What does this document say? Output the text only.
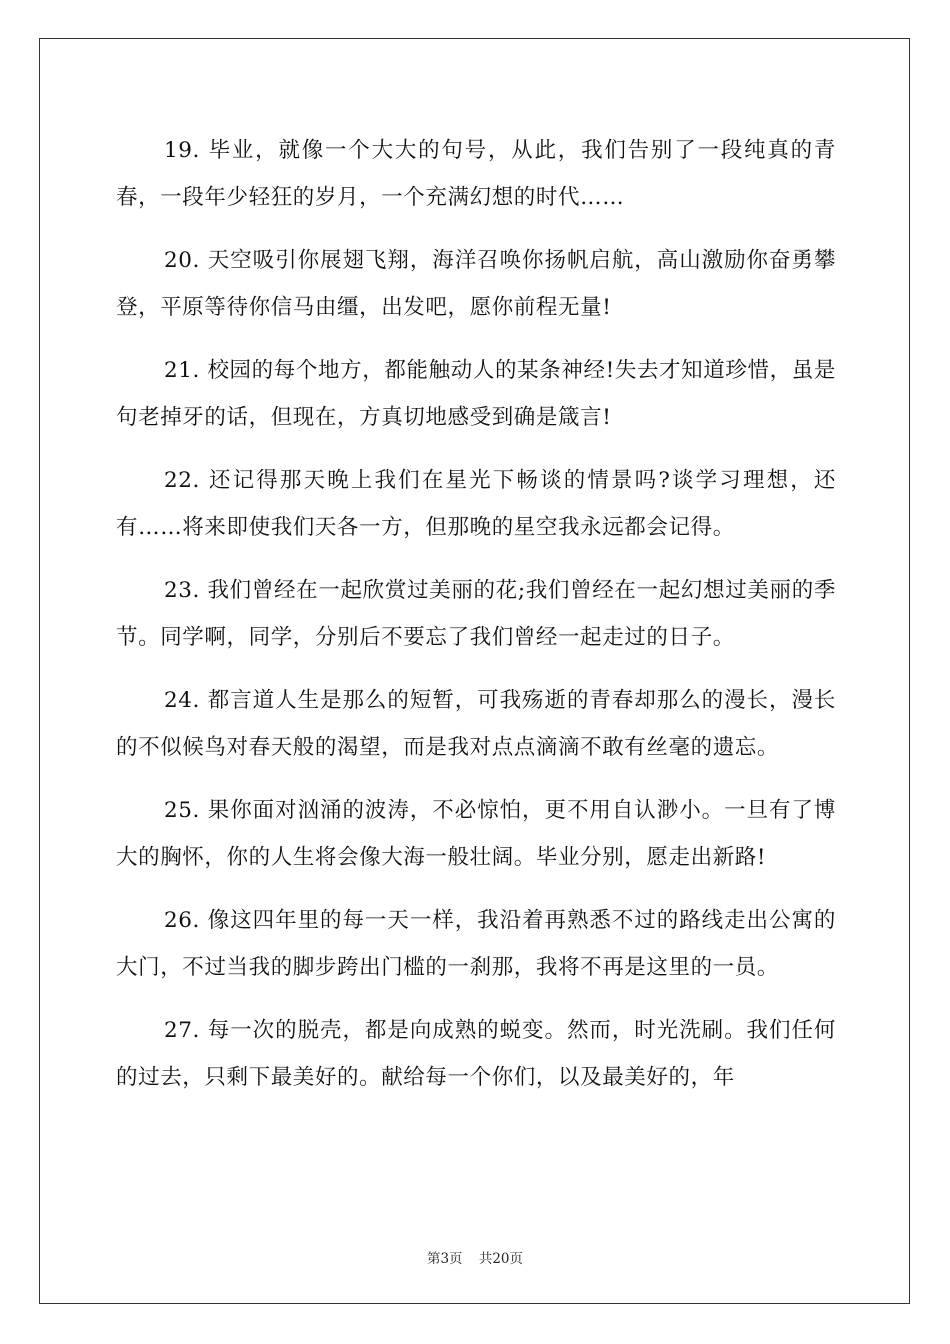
19. 毕业，就像一个大大的句号，从此，我们告别了一段纯真的青春，一段年少轻狂的岁月，一个充满幻想的时代……

20. 天空吸引你展翅飞翔，海洋召唤你扬帆启航，高山激励你奋勇攀登，平原等待你信马由缰，出发吧，愿你前程无量!

21. 校园的每个地方，都能触动人的某条神经!失去才知道珍惜，虽是句老掉牙的话，但现在，方真切地感受到确是箴言!

22. 还记得那天晚上我们在星光下畅谈的情景吗?谈学习理想，还有……将来即使我们天各一方，但那晚的星空我永远都会记得。

23. 我们曾经在一起欣赏过美丽的花;我们曾经在一起幻想过美丽的季节。同学啊，同学，分别后不要忘了我们曾经一起走过的日子。

24. 都言道人生是那么的短暂，可我殇逝的青春却那么的漫长，漫长的不似候鸟对春天般的渴望，而是我对点点滴滴不敢有丝毫的遗忘。

25. 果你面对汹涌的波涛，不必惊怕，更不用自认渺小。一旦有了博大的胸怀，你的人生将会像大海一般壮阔。毕业分别，愿走出新路!

26. 像这四年里的每一天一样，我沿着再熟悉不过的路线走出公寓的大门，不过当我的脚步跨出门槛的一刹那，我将不再是这里的一员。

27. 每一次的脱壳，都是向成熟的蜕变。然而，时光洗刷。我们任何的过去，只剩下最美好的。献给每一个你们，以及最美好的，年

第3页 共20页
